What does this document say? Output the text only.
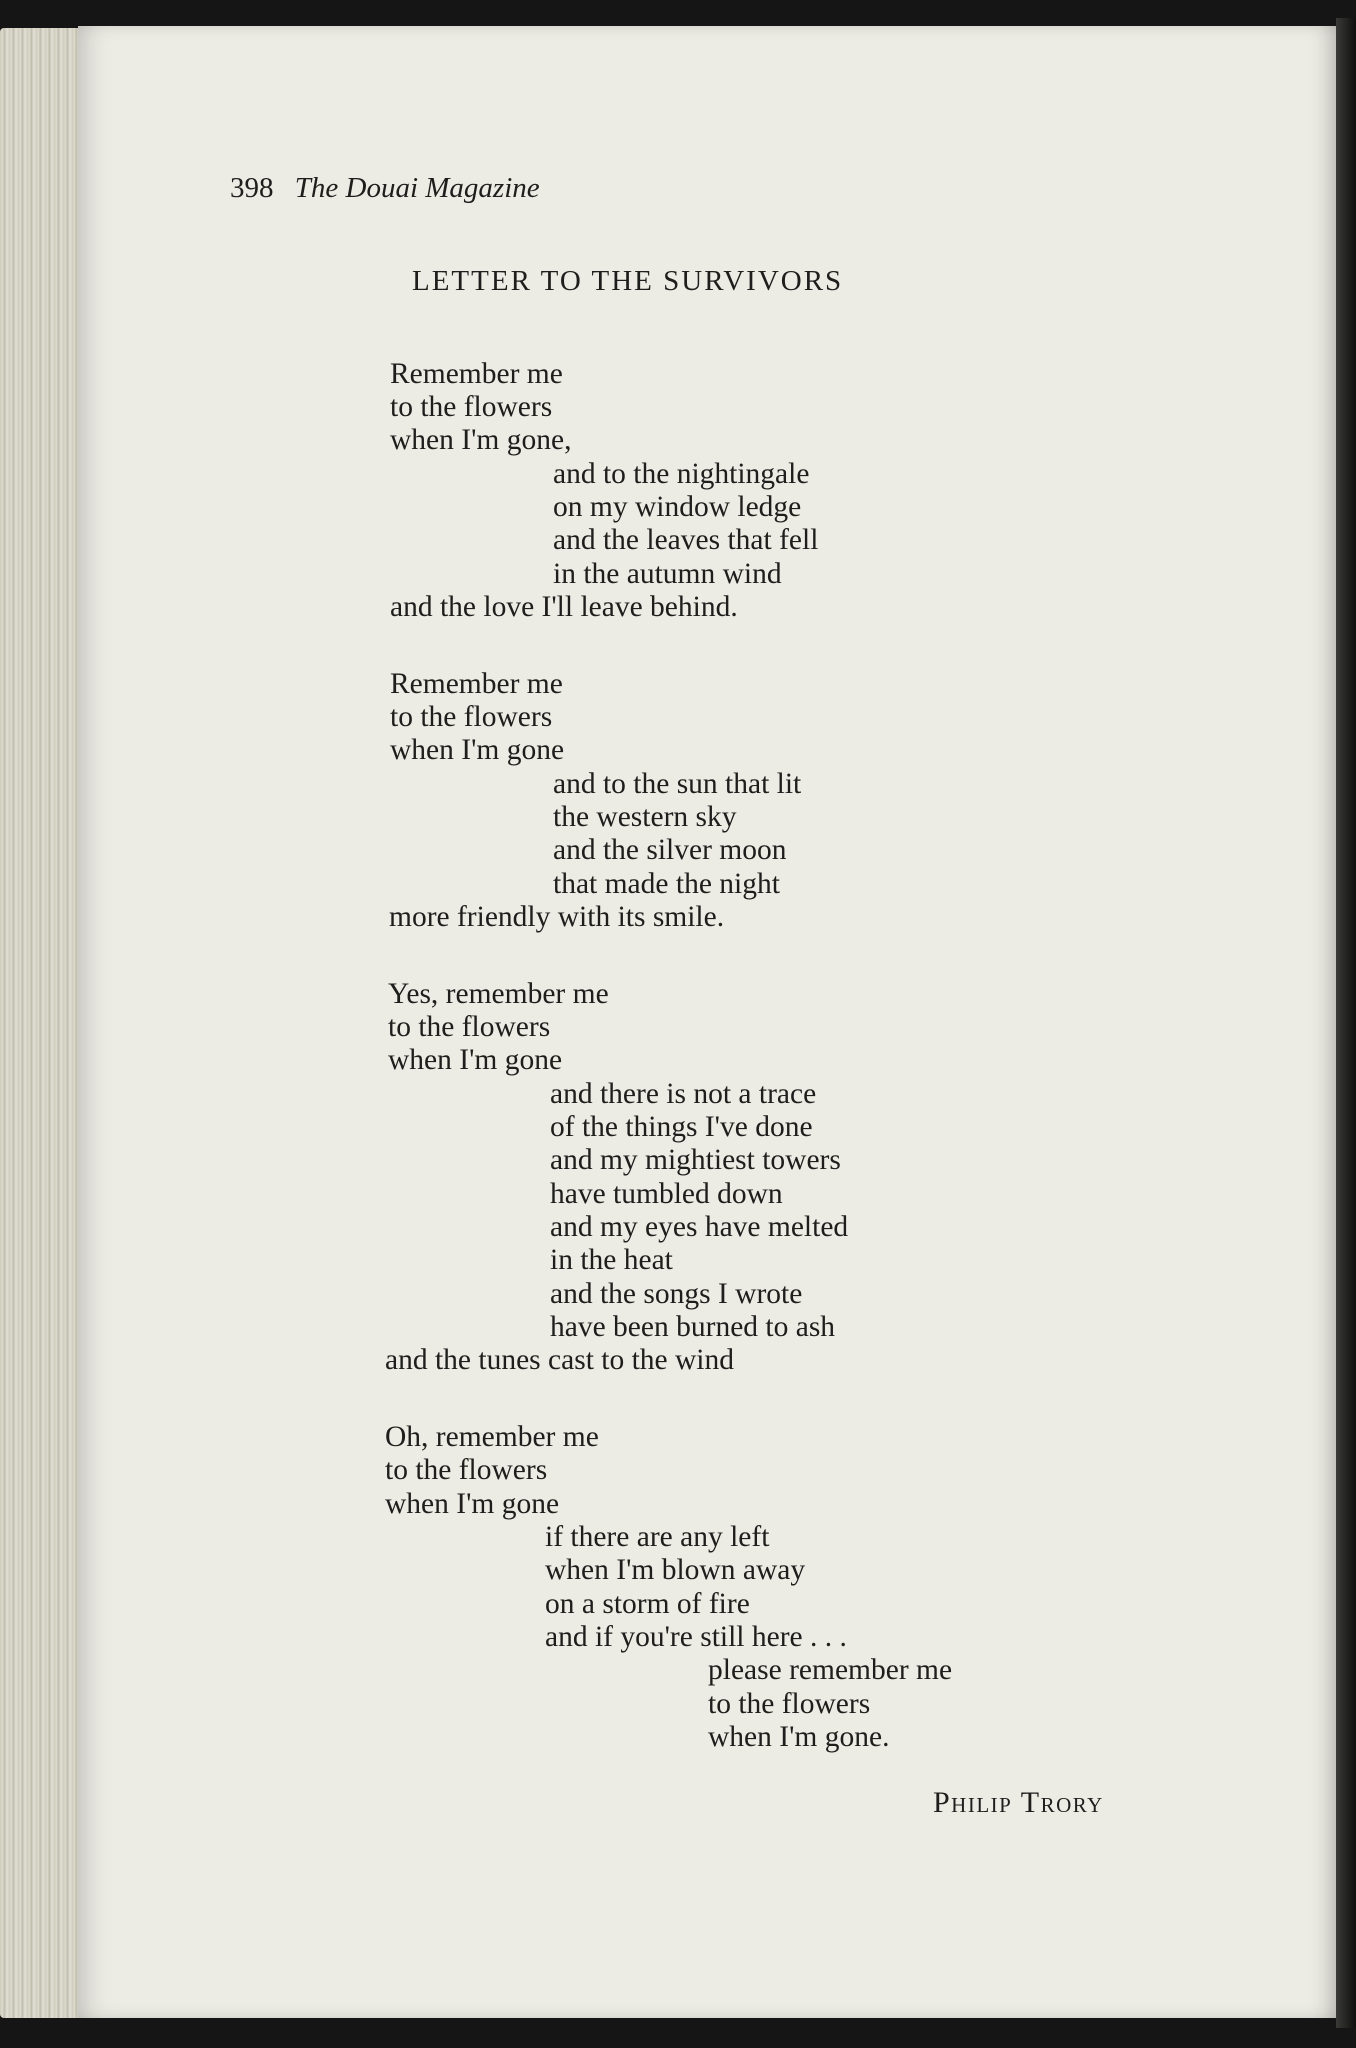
398 The Douai Magazine
LETTER TO THE SURVIVORS
Remember me
to the flowers
when I'm gone,
and to the nightingale
on my window ledge
and the leaves that fell
in the autumn wind
and the love I'll leave behind.
Remember me
to the flowers
when I'm gone
and to the sun that lit
the western sky
and the silver moon
that made the night
more friendly with its smile.
Yes, remember me
to the flowers
when I'm gone
and there is not a trace
of the things I've done
and my mightiest towers
have tumbled down
and my eyes have melted
in the heat
and the songs I wrote
have been burned to ash
and the tunes cast to the wind
Oh, remember me
to the flowers
when I'm gone
if there are any left
when I'm blown away
on a storm of fire
and if you're still here . . .
please remember me
to the flowers
when I'm gone.
Philip Trory
